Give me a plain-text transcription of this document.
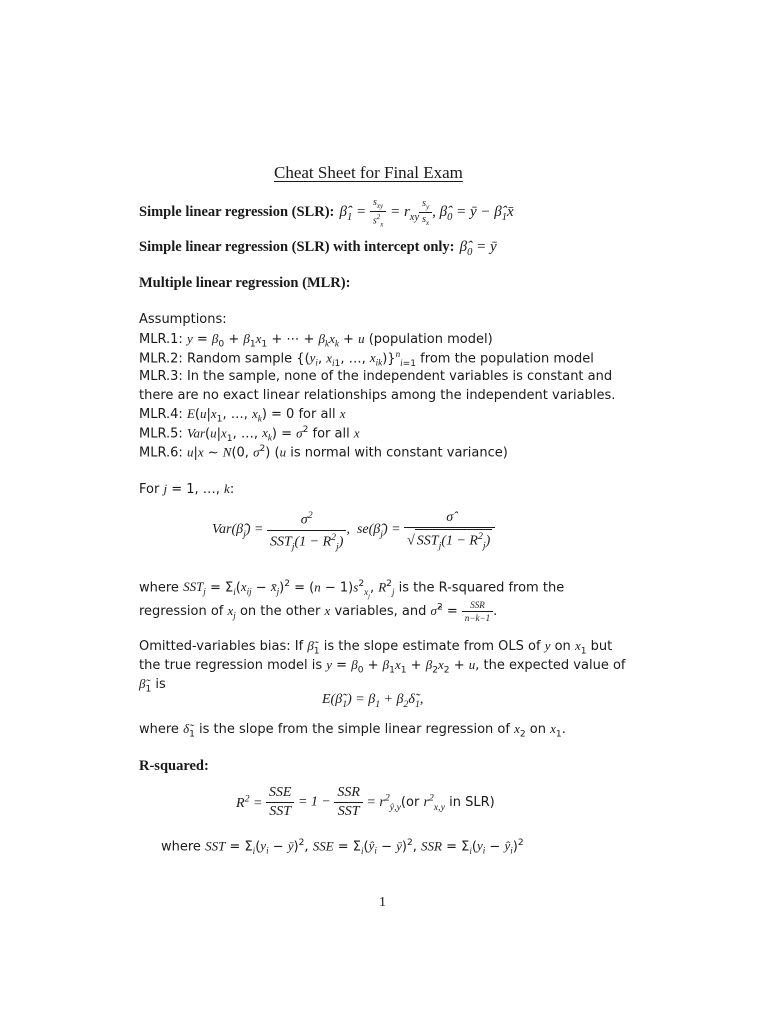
Cheat Sheet for Final Exam
Simple linear regression (SLR): $\betâ_1 = \frac{s_{xy}}{s^2_x} = r_{xy} \frac{s_y}{s_x}$ , $\betâ_0$ = ȳ − $\betâ_1x̄$
Simple linear regression (SLR) with intercept only: $\betâ_0$ = ȳ
Multiple linear regression (MLR):
Assumptions:
MLR.1: $y = \beta_0 + \beta_1x_1$ + ⋯ + $\beta_kx_k + u$ (population model)
MLR.2: Random sample {($y_i$, $x_{i1}$, …, $x_{ik})\}^n_{i=1}$ from the population model
MLR.3: In the sample, none of the independent variables is constant and
there are no exact linear relationships among the independent variables.
MLR.4: $E(u|x_1$, …, $x_k) = 0$ for all x
MLR.5: $Var(u|x_1$, …, $x_k) = \sigma^2$ for all x
MLR.6: u|x ∼ N(0, $\sigma^2$) (u is normal with constant variance)
For j = 1, …, k:
$Var(\betâ_j) = \frac{\sigma^2}{SST_j(1 - R^2_j)}$ ,  $se(\betâ_j) = \frac{\sigmâ}{√ SST_j(1 - R^2_j)}$
where $SST_j = \Sigma_i(x_{ij}$ − $x̄_j)^2 = (n - 1)s^2_{x_j}$, $R^2_j$ is the R-squared from the
regression of $x_j$ on the other x variables, and σ̂$^2$ = $\frac{\text{SSR}}{n-k-1}$ .
Omitted-variables bias: If $\betã_1$ is the slope estimate from OLS of y on $x_1$ but
the true regression model is $y = \beta_0 + \beta_1x_1 + \beta_2x_2 + u$, the expected value of
$\betã_1$ is
$E(\betã_1) = \beta_1$ + $\beta_2\deltã_1$,
where $\deltã_1$ is the slope from the simple linear regression of $x_2$ on $x_1$.
R-squared:
$R^2 = \frac{\text{SSE}}{\text{SST}} = 1 - \frac{\text{SSR}}{\text{SST}} = r^2_{ŷ,y}(or$ $r^2_{x,y}$ in SLR)
where SST = $\Sigma_i(y_i$ − ȳ)$^2$, SSE = $\Sigma_i(ŷ_i$ − ȳ)$^2$, SSR = $\Sigma_i(y_i$ − $ŷ_i)^2$
1
